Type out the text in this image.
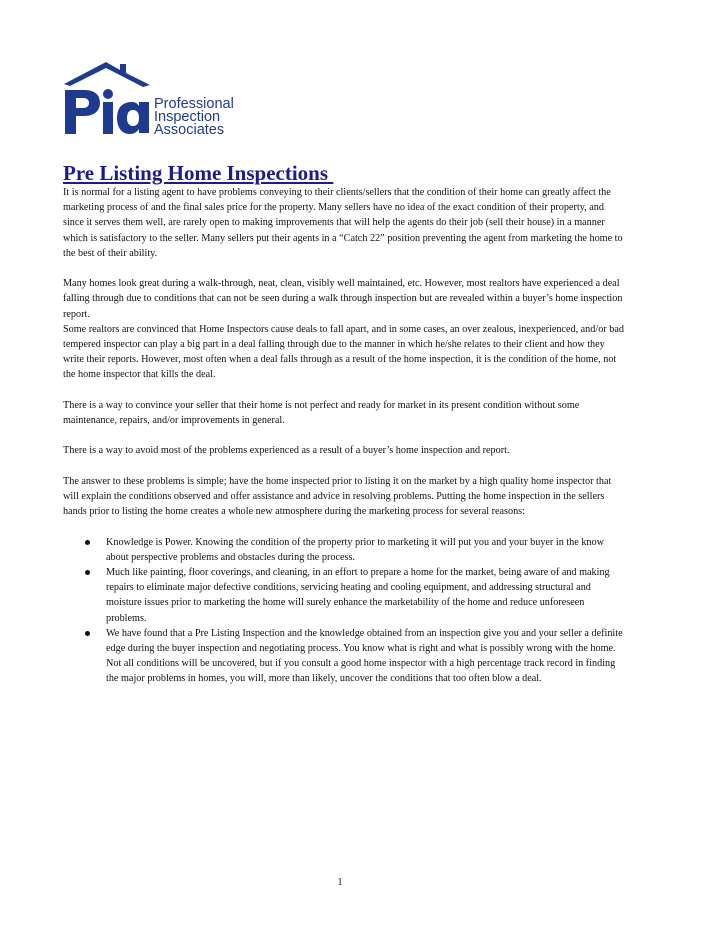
Professional
Inspection
Associates
Pre Listing Home Inspections

It is normal for a listing agent to have problems conveying to their clients/sellers that the condition of their home can greatly affect the marketing process of and the final sales price for the property. Many sellers have no idea of the exact condition of their property, and since it serves them well, are rarely open to making improvements that will help the agents do their job (sell their house) in a manner which is satisfactory to the seller. Many sellers put their agents in a “Catch 22” position preventing the agent from marketing the home to the best of their ability.

Many homes look great during a walk-through, neat, clean, visibly well maintained, etc. However, most realtors have experienced a deal falling through due to conditions that can not be seen during a walk through inspection but are revealed within a buyer’s home inspection report.

Some realtors are convinced that Home Inspectors cause deals to fall apart, and in some cases, an over zealous, inexperienced, and/or bad tempered inspector can play a big part in a deal falling through due to the manner in which he/she relates to their client and how they write their reports. However, most often when a deal falls through as a result of the home inspection, it is the condition of the home, not the home inspector that kills the deal.

There is a way to convince your seller that their home is not perfect and ready for market in its present condition without some maintenance, repairs, and/or improvements in general.

There is a way to avoid most of the problems experienced as a result of a buyer’s home inspection and report.

The answer to these problems is simple; have the home inspected prior to listing it on the market by a high quality home inspector that will explain the conditions observed and offer assistance and advice in resolving problems. Putting the home inspection in the sellers hands prior to listing the home creates a whole new atmosphere during the marketing process for several reasons:

Knowledge is Power. Knowing the condition of the property prior to marketing it will put you and your buyer in the know about perspective problems and obstacles during the process.
Much like painting, floor coverings, and cleaning, in an effort to prepare a home for the market, being aware of and making repairs to eliminate major defective conditions, servicing heating and cooling equipment, and addressing structural and moisture issues prior to marketing the home will surely enhance the marketability of the home and reduce unforeseen problems.
We have found that a Pre Listing Inspection and the knowledge obtained from an inspection give you and your seller a definite edge during the buyer inspection and negotiating process. You know what is right and what is possibly wrong with the home. Not all conditions will be uncovered, but if you consult a good home inspector with a high percentage track record in finding the major problems in homes, you will, more than likely, uncover the conditions that too often blow a deal.
1
